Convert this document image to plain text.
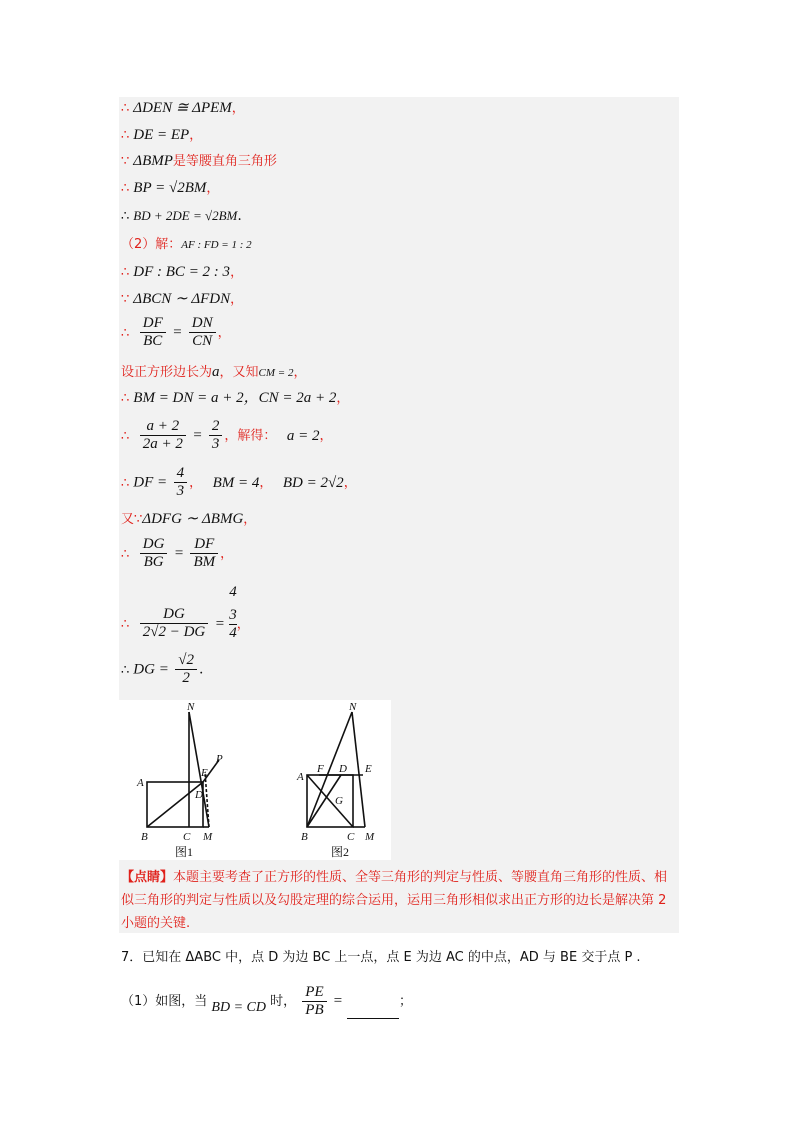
∴ ΔDEN ≅ ΔPEM，
∴ DE = EP，
∵ ΔBMP是等腰直角三角形
∴ BP = √2BM，
∴ BD + 2DE = √2BM.
（2）解：AF : FD = 1 : 2
∴ DF : BC = 2 : 3，
∵ ΔBCN ∼ ΔFDN，
∴ $\frac{DF}{BC} = \frac{DN}{CN}$ ，
设正方形边长为a，又知CM = 2，
∴ BM = DN = a + 2，CN = 2a + 2，
∴ $\frac{a + 2}{2a + 2} = \frac{2}{3}$ ，解得： a = 2，
∴ DF = $\frac{4}{3}$ ， BM = 4， BD = 2√2，
又∵ΔDFG ∼ ΔBMG，
∴ $\frac{DG}{BG} = \frac{DF}{BM}$ ，
∴ $\frac{DG}{2√2 - DG}$ =
4
3
4
，
∴ DG = $\frac{√2}{2}$ .
N
P
A
E
D
B	C M
图1
N
F D E
A
G
B	C M
图2
【点睛】本题主要考查了正方形的性质、全等三角形的判定与性质、等腰直角三角形的性质、相似三角形的判定与性质以及勾股定理的综合运用，运用三角形相似求出正方形的边长是解决第 2 小题的关键.
7．已知在 ΔABC 中，点 D 为边 BC 上一点，点 E 为边 AC 的中点，AD 与 BE 交于点 P .
（1）如图，当 BD = CD 时， $\frac{PE}{PB}$ =	；
